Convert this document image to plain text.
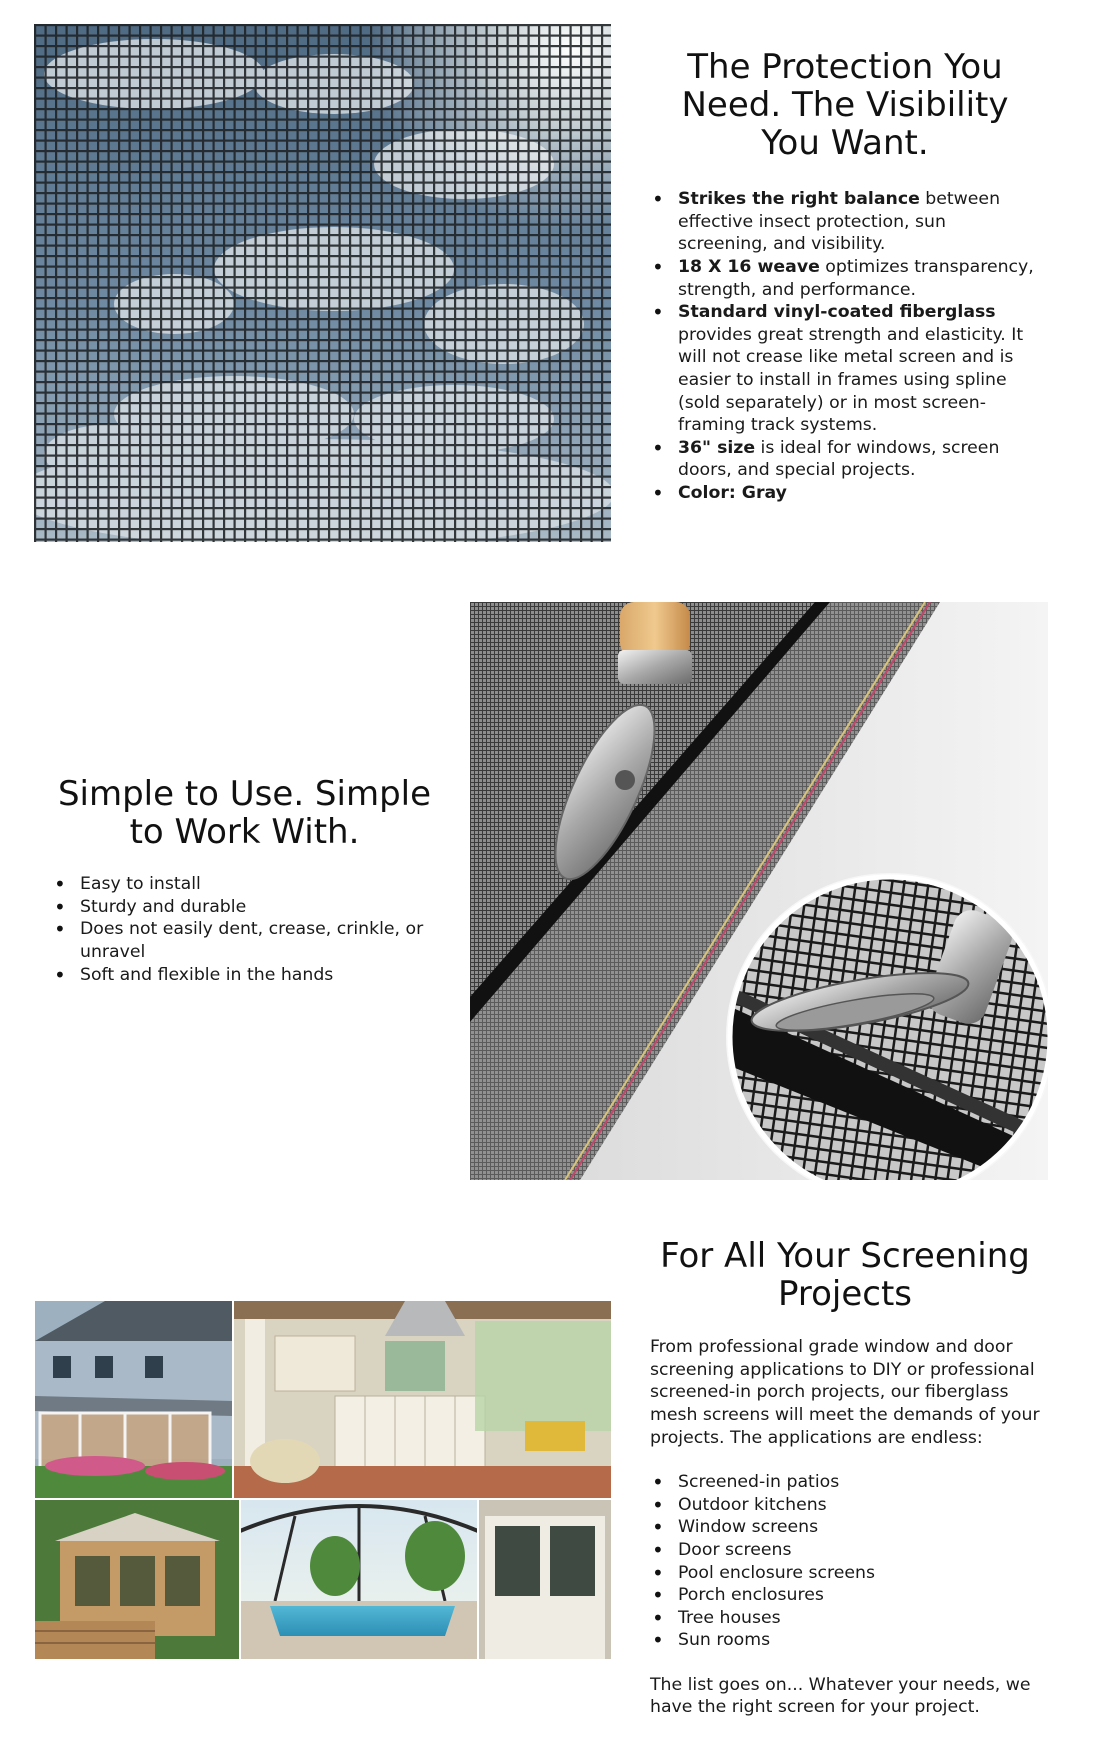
The Protection You Need. The Visibility You Want.
• Strikes the right balance between effective insect protection, sun screening, and visibility.
• 18 X 16 weave optimizes transparency, strength, and performance.
• Standard vinyl-coated fiberglass provides great strength and elasticity. It will not crease like metal screen and is easier to install in frames using spline (sold separately) or in most screen-framing track systems.
• 36" size is ideal for windows, screen doors, and special projects.
• Color: Gray
Simple to Use. Simple to Work With.
• Easy to install
• Sturdy and durable
• Does not easily dent, crease, crinkle, or unravel
• Soft and flexible in the hands
For All Your Screening Projects

From professional grade window and door screening applications to DIY or professional screened-in porch projects, our fiberglass mesh screens will meet the demands of your projects. The applications are endless:

• Screened-in patios
• Outdoor kitchens
• Window screens
• Door screens
• Pool enclosure screens
• Porch enclosures
• Tree houses
• Sun rooms

The list goes on... Whatever your needs, we have the right screen for your project.
